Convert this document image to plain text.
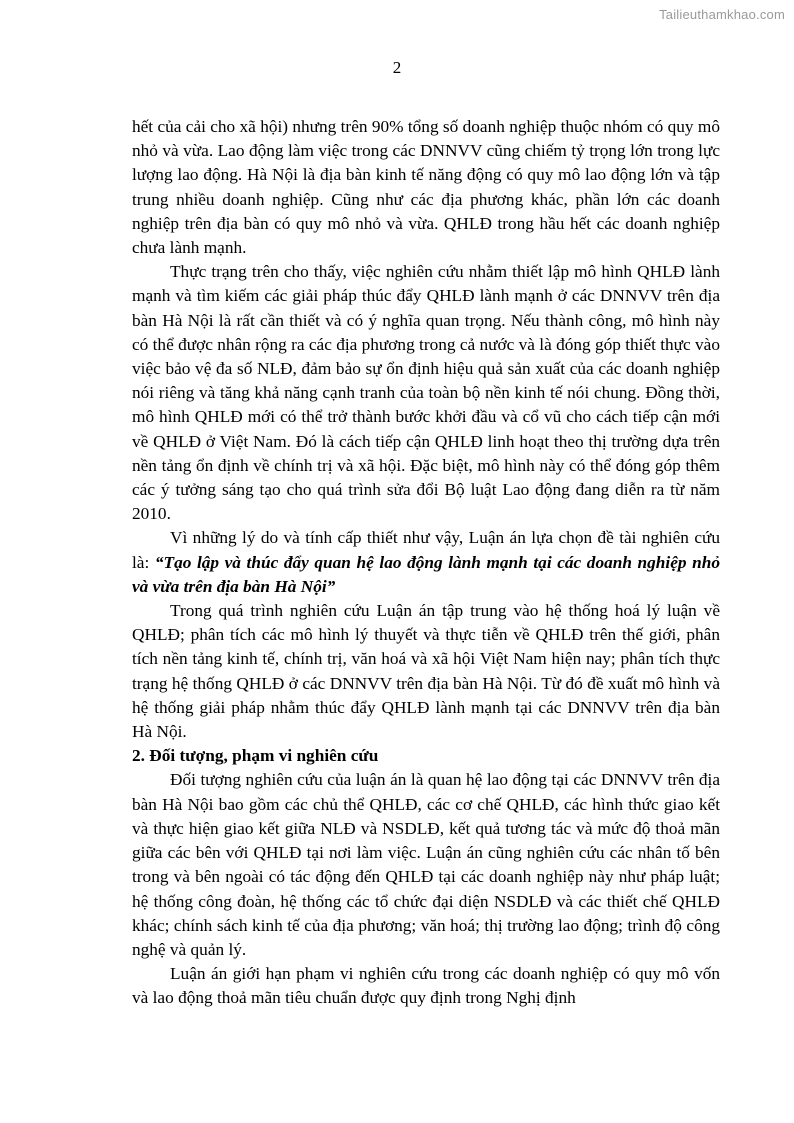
Tailieuthamkhao.com
2

hết của cải cho xã hội) nhưng trên 90% tổng số doanh nghiệp thuộc nhóm có quy mô nhỏ và vừa. Lao động làm việc trong các DNNVV cũng chiếm tỷ trọng lớn trong lực lượng lao động. Hà Nội là địa bàn kinh tế năng động có quy mô lao động lớn và tập trung nhiều doanh nghiệp. Cũng như các địa phương khác, phần lớn các doanh nghiệp trên địa bàn có quy mô nhỏ và vừa. QHLĐ trong hầu hết các doanh nghiệp chưa lành mạnh.

Thực trạng trên cho thấy, việc nghiên cứu nhằm thiết lập mô hình QHLĐ lành mạnh và tìm kiếm các giải pháp thúc đẩy QHLĐ lành mạnh ở các DNNVV trên địa bàn Hà Nội là rất cần thiết và có ý nghĩa quan trọng. Nếu thành công, mô hình này có thể được nhân rộng ra các địa phương trong cả nước và là đóng góp thiết thực vào việc bảo vệ đa số NLĐ, đảm bảo sự ổn định hiệu quả sản xuất của các doanh nghiệp nói riêng và tăng khả năng cạnh tranh của toàn bộ nền kinh tế nói chung. Đồng thời, mô hình QHLĐ mới có thể trở thành bước khởi đầu và cổ vũ cho cách tiếp cận mới về QHLĐ ở Việt Nam. Đó là cách tiếp cận QHLĐ linh hoạt theo thị trường dựa trên nền tảng ổn định về chính trị và xã hội. Đặc biệt, mô hình này có thể đóng góp thêm các ý tưởng sáng tạo cho quá trình sửa đổi Bộ luật Lao động đang diễn ra từ năm 2010.

Vì những lý do và tính cấp thiết như vậy, Luận án lựa chọn đề tài nghiên cứu là: “Tạo lập và thúc đẩy quan hệ lao động lành mạnh tại các doanh nghiệp nhỏ và vừa trên địa bàn Hà Nội”

Trong quá trình nghiên cứu Luận án tập trung vào hệ thống hoá lý luận về QHLĐ; phân tích các mô hình lý thuyết và thực tiễn về QHLĐ trên thế giới, phân tích nền tảng kinh tế, chính trị, văn hoá và xã hội Việt Nam hiện nay; phân tích thực trạng hệ thống QHLĐ ở các DNNVV trên địa bàn Hà Nội. Từ đó đề xuất mô hình và hệ thống giải pháp nhằm thúc đẩy QHLĐ lành mạnh tại các DNNVV trên địa bàn Hà Nội.

2. Đối tượng, phạm vi nghiên cứu

Đối tượng nghiên cứu của luận án là quan hệ lao động tại các DNNVV trên địa bàn Hà Nội bao gồm các chủ thể QHLĐ, các cơ chế QHLĐ, các hình thức giao kết và thực hiện giao kết giữa NLĐ và NSDLĐ, kết quả tương tác và mức độ thoả mãn giữa các bên với QHLĐ tại nơi làm việc. Luận án cũng nghiên cứu các nhân tố bên trong và bên ngoài có tác động đến QHLĐ tại các doanh nghiệp này như pháp luật; hệ thống công đoàn, hệ thống các tổ chức đại diện NSDLĐ và các thiết chế QHLĐ khác; chính sách kinh tế của địa phương; văn hoá; thị trường lao động; trình độ công nghệ và quản lý.

Luận án giới hạn phạm vi nghiên cứu trong các doanh nghiệp có quy mô vốn và lao động thoả mãn tiêu chuẩn được quy định trong Nghị định
